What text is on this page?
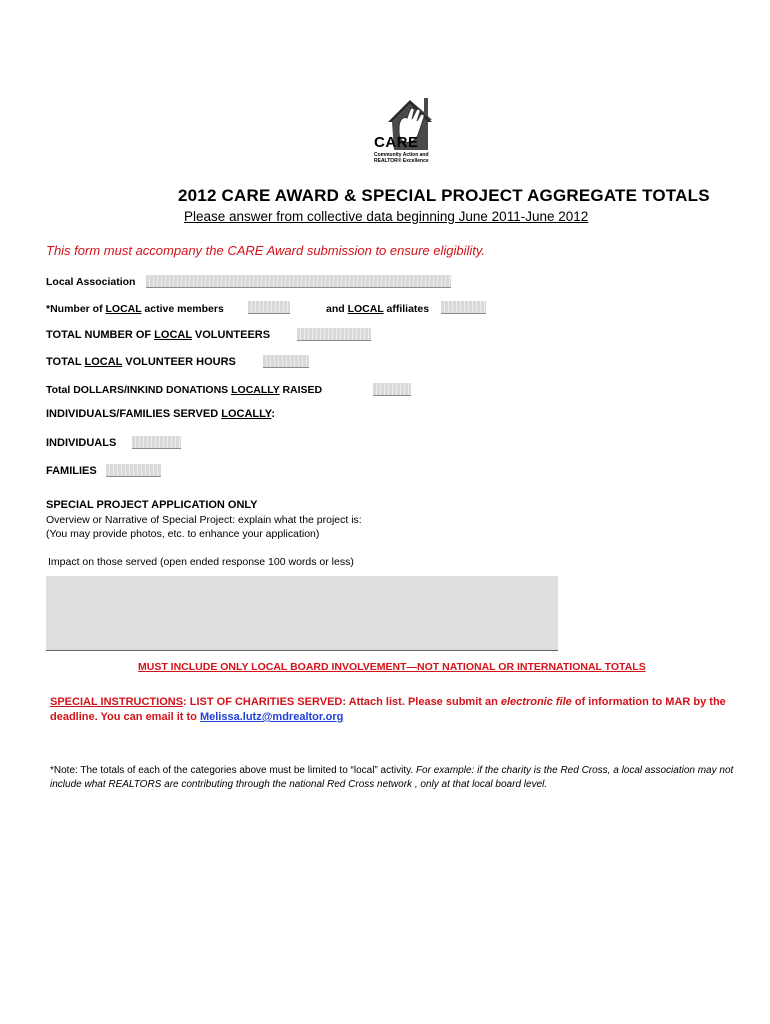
CARE
Community Action and REALTOR® Excellence
2012 CARE AWARD & SPECIAL PROJECT AGGREGATE TOTALS
Please answer from collective data beginning June 2011-June 2012
This form must accompany the CARE Award submission to ensure eligibility.
Local Association
*Number of LOCAL active members	and LOCAL affiliates
TOTAL NUMBER OF LOCAL VOLUNTEERS
TOTAL LOCAL VOLUNTEER HOURS
Total DOLLARS/INKIND DONATIONS LOCALLY RAISED
INDIVIDUALS/FAMILIES SERVED LOCALLY:
INDIVIDUALS
FAMILIES
SPECIAL PROJECT APPLICATION ONLY
Overview or Narrative of Special Project: explain what the project is:
(You may provide photos, etc. to enhance your application)
Impact on those served (open ended response 100 words or less)
MUST INCLUDE ONLY LOCAL BOARD INVOLVEMENT—NOT NATIONAL OR INTERNATIONAL TOTALS
SPECIAL INSTRUCTIONS: LIST OF CHARITIES SERVED: Attach list. Please submit an electronic file of information to MAR by the deadline. You can email it to Melissa.lutz@mdrealtor.org
*Note: The totals of each of the categories above must be limited to “local” activity. For example: if the charity is the Red Cross, a local association may not include what REALTORS are contributing through the national Red Cross network , only at that local board level.
